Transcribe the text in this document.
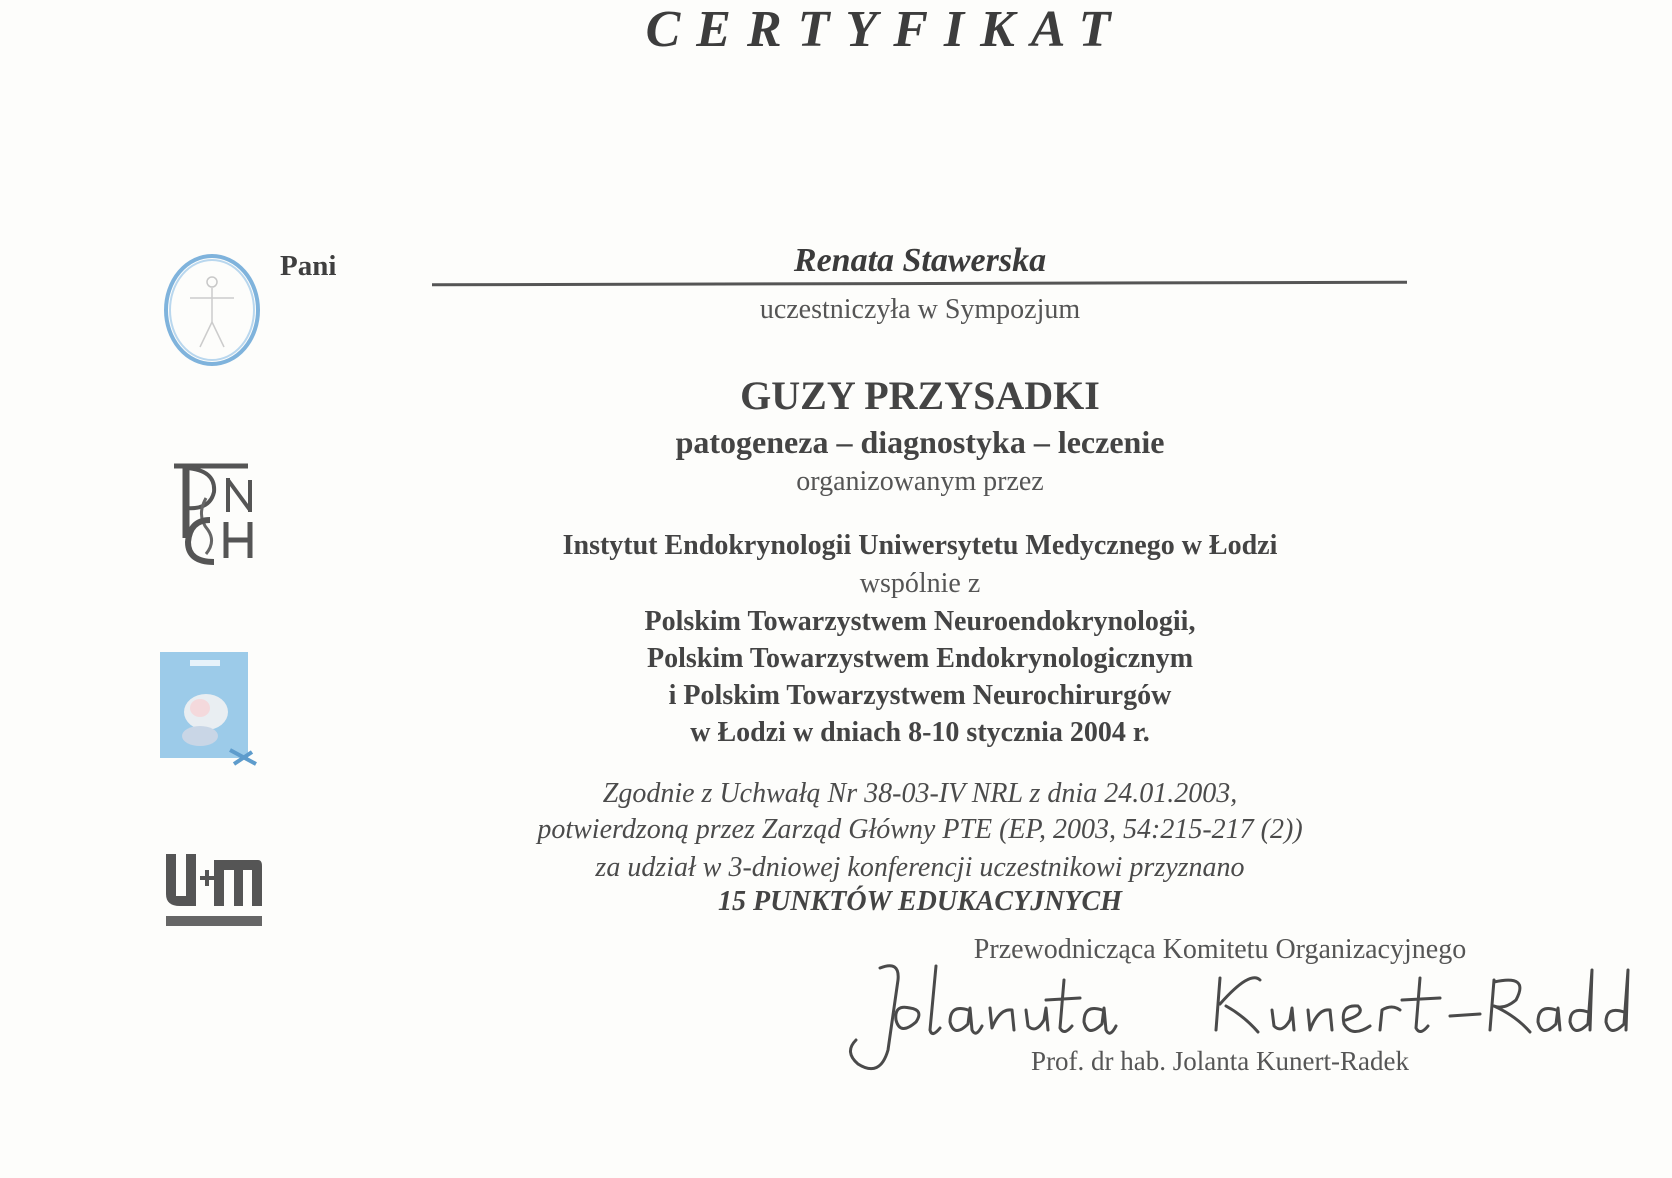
CERTYFIKAT
Pani	Renata Stawerska
uczestniczyła w Sympozjum
GUZY PRZYSADKI
patogeneza – diagnostyka – leczenie
organizowanym przez
Instytut Endokrynologii Uniwersytetu Medycznego w Łodzi
wspólnie z
Polskim Towarzystwem Neuroendokrynologii,
Polskim Towarzystwem Endokrynologicznym
i Polskim Towarzystwem Neurochirurgów
w Łodzi w dniach 8-10 stycznia 2004 r.
Zgodnie z Uchwałą Nr 38-03-IV NRL z dnia 24.01.2003,
potwierdzoną przez Zarząd Główny PTE (EP, 2003, 54:215-217 (2))
za udział w 3-dniowej konferencji uczestnikowi przyznano
15 PUNKTÓW EDUKACYJNYCH
Przewodnicząca Komitetu Organizacyjnego
Prof. dr hab. Jolanta Kunert-Radek
